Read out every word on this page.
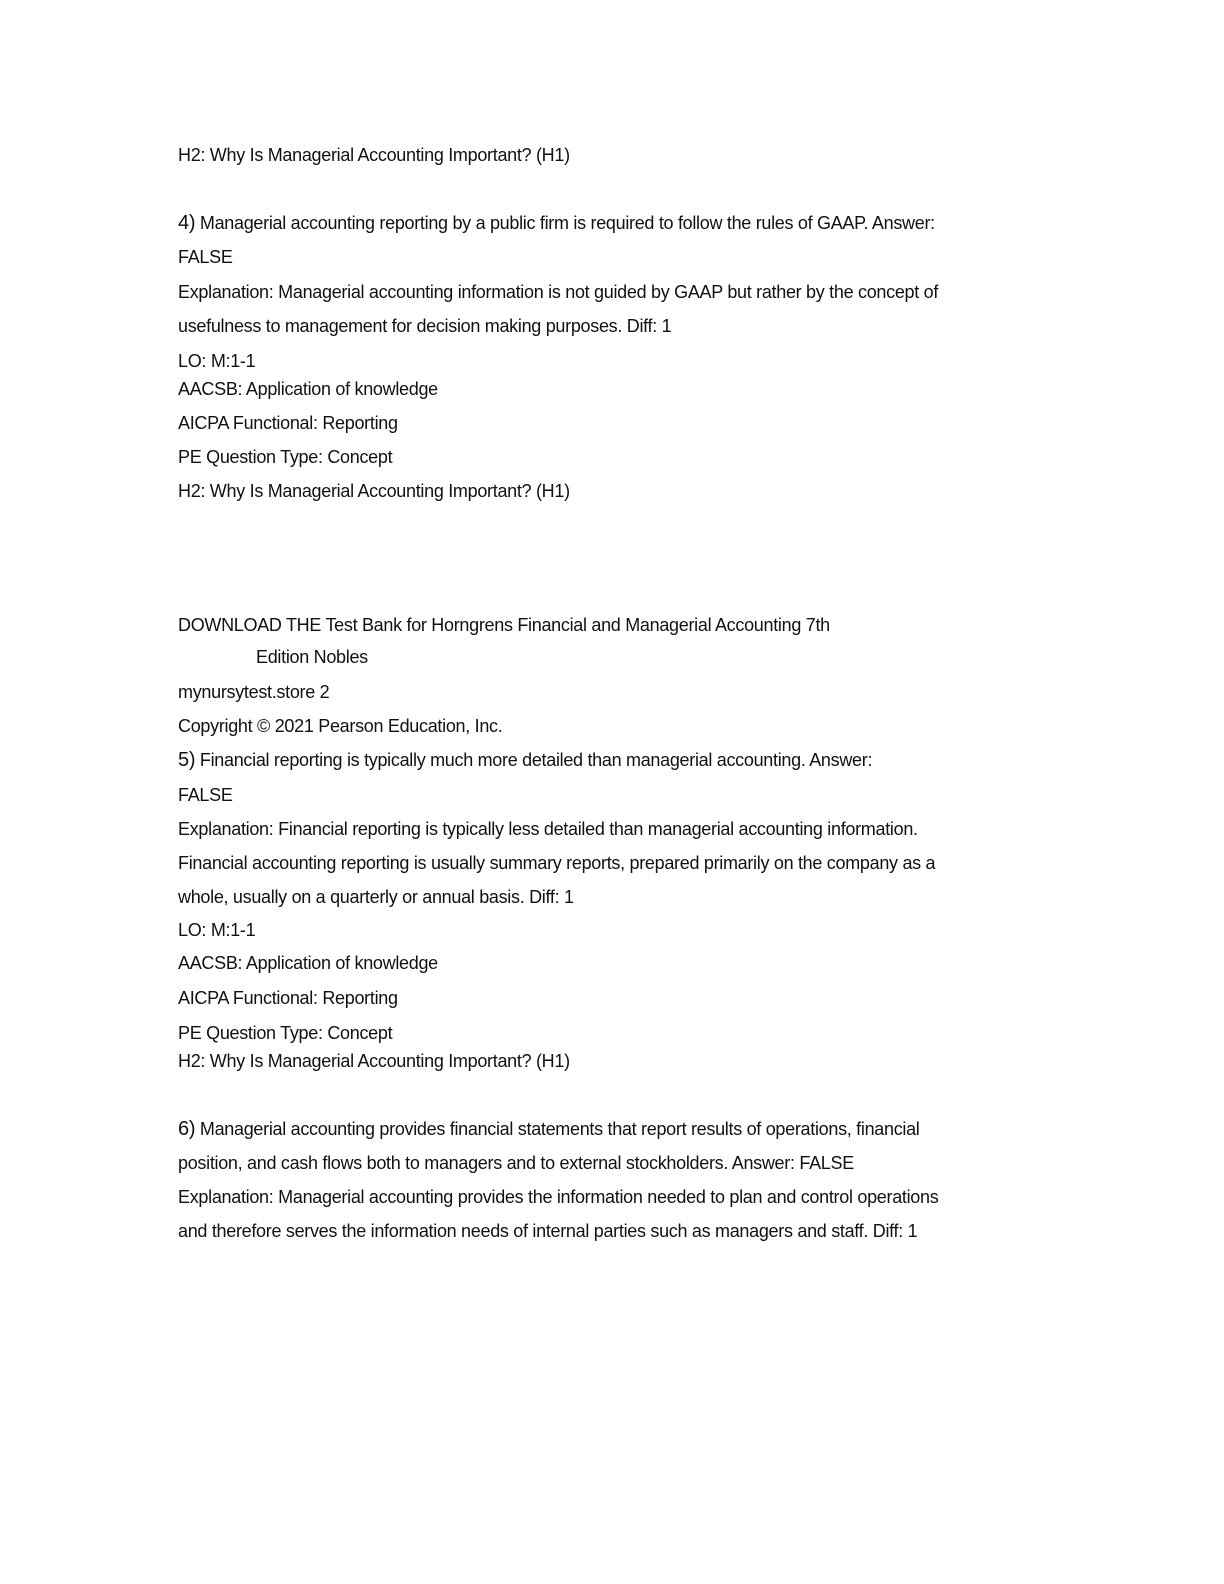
H2: Why Is Managerial Accounting Important? (H1)
4) Managerial accounting reporting by a public firm is required to follow the rules of GAAP. Answer:
FALSE
Explanation: Managerial accounting information is not guided by GAAP but rather by the concept of
usefulness to management for decision making purposes. Diff: 1
LO: M:1-1
AACSB: Application of knowledge
AICPA Functional: Reporting
PE Question Type: Concept
H2: Why Is Managerial Accounting Important? (H1)
DOWNLOAD THE Test Bank for Horngrens Financial and Managerial Accounting 7th
Edition Nobles
mynursytest.store 2
Copyright © 2021 Pearson Education, Inc.
5) Financial reporting is typically much more detailed than managerial accounting. Answer:
FALSE
Explanation: Financial reporting is typically less detailed than managerial accounting information.
Financial accounting reporting is usually summary reports, prepared primarily on the company as a
whole, usually on a quarterly or annual basis. Diff: 1
LO: M:1-1
AACSB: Application of knowledge
AICPA Functional: Reporting
PE Question Type: Concept
H2: Why Is Managerial Accounting Important? (H1)
6) Managerial accounting provides financial statements that report results of operations, financial
position, and cash flows both to managers and to external stockholders. Answer: FALSE
Explanation: Managerial accounting provides the information needed to plan and control operations
and therefore serves the information needs of internal parties such as managers and staff. Diff: 1
